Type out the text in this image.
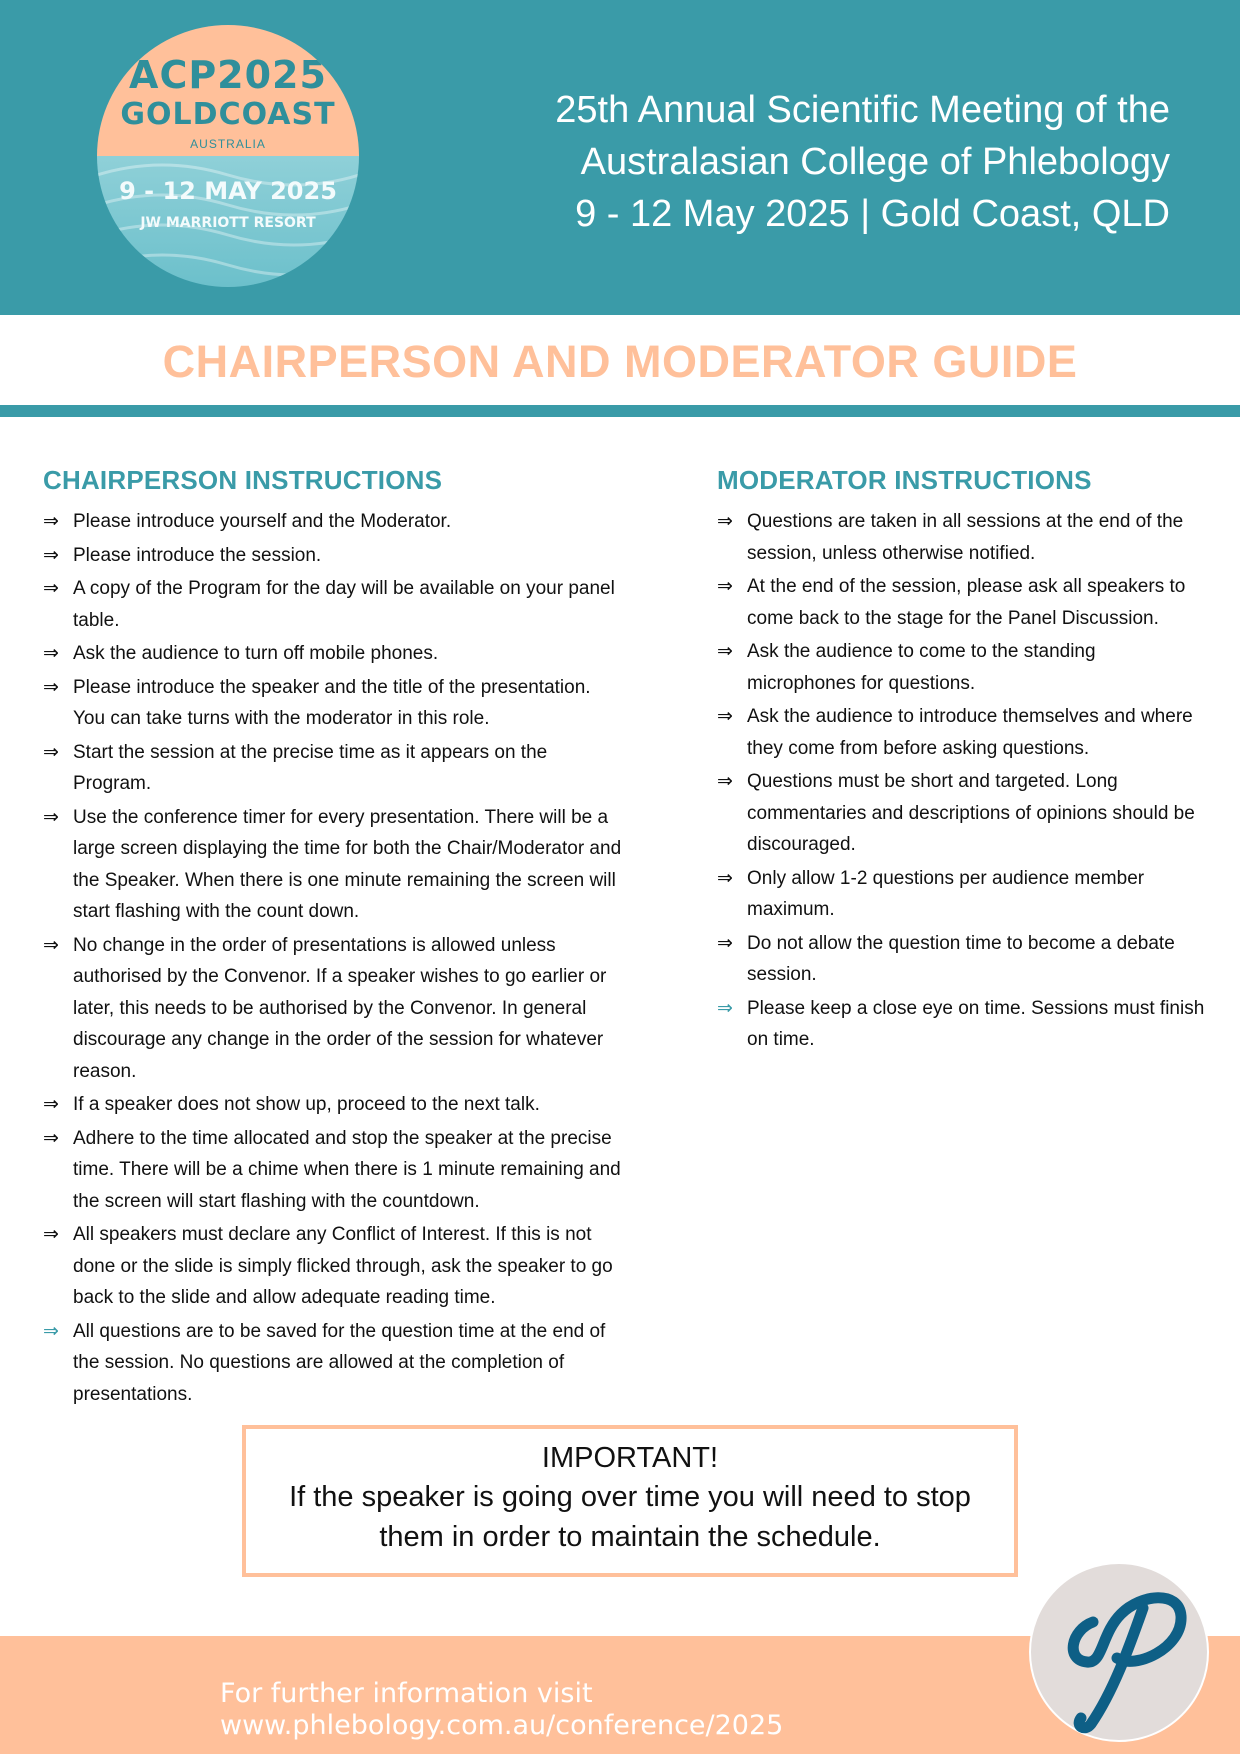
ACP2025
GOLDCOAST
AUSTRALIA
9 - 12 MAY 2025
JW MARRIOTT RESORT
25th Annual Scientific Meeting of the
Australasian College of Phlebology
9 - 12 May 2025 | Gold Coast, QLD
CHAIRPERSON AND MODERATOR GUIDE
CHAIRPERSON INSTRUCTIONS
⇒ Please introduce yourself and the Moderator.
⇒ Please introduce the session.
⇒ A copy of the Program for the day will be available on your panel table.
⇒ Ask the audience to turn off mobile phones.
⇒ Please introduce the speaker and the title of the presentation. You can take turns with the moderator in this role.
⇒ Start the session at the precise time as it appears on the Program.
⇒ Use the conference timer for every presentation. There will be a large screen displaying the time for both the Chair/Moderator and the Speaker. When there is one minute remaining the screen will start flashing with the count down.
⇒ No change in the order of presentations is allowed unless authorised by the Convenor. If a speaker wishes to go earlier or later, this needs to be authorised by the Convenor. In general discourage any change in the order of the session for whatever reason.
⇒ If a speaker does not show up, proceed to the next talk.
⇒ Adhere to the time allocated and stop the speaker at the precise time. There will be a chime when there is 1 minute remaining and the screen will start flashing with the countdown.
⇒ All speakers must declare any Conflict of Interest. If this is not done or the slide is simply flicked through, ask the speaker to go back to the slide and allow adequate reading time.
⇒ All questions are to be saved for the question time at the end of the session. No questions are allowed at the completion of presentations.
MODERATOR INSTRUCTIONS
⇒ Questions are taken in all sessions at the end of the session, unless otherwise notified.
⇒ At the end of the session, please ask all speakers to come back to the stage for the Panel Discussion.
⇒ Ask the audience to come to the standing microphones for questions.
⇒ Ask the audience to introduce themselves and where they come from before asking questions.
⇒ Questions must be short and targeted. Long commentaries and descriptions of opinions should be discouraged.
⇒ Only allow 1-2 questions per audience member maximum.
⇒ Do not allow the question time to become a debate session.
⇒ Please keep a close eye on time. Sessions must finish on time.
IMPORTANT!
If the speaker is going over time you will need to stop them in order to maintain the schedule.
For further information visit
www.phlebology.com.au/conference/2025
